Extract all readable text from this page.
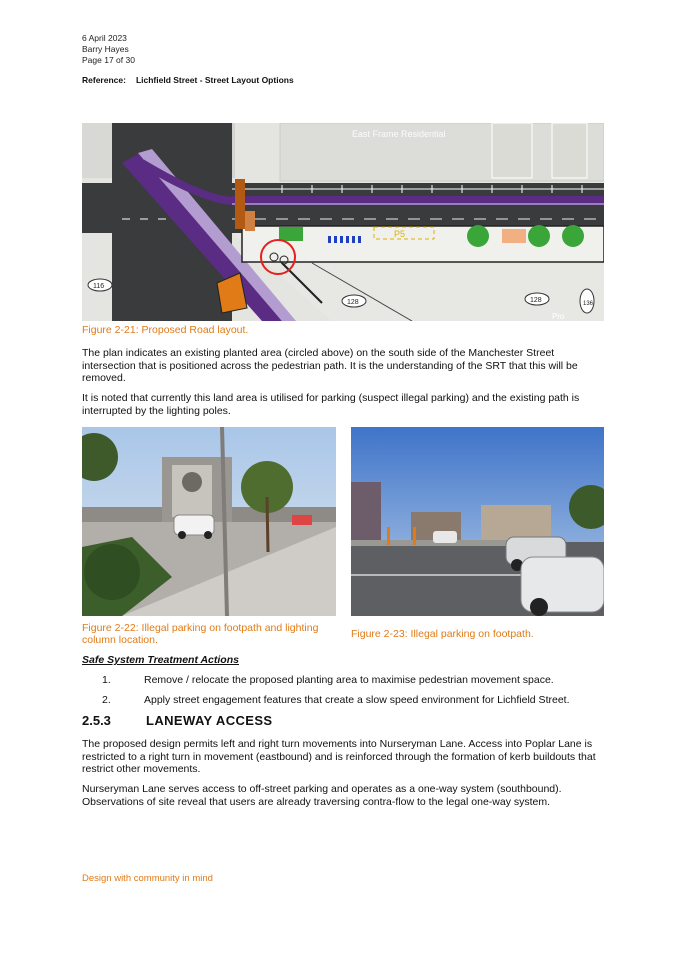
6 April 2023
Barry Hayes
Page 17 of 30
Reference: Lichfield Street - Street Layout Options
P5
116
128	128	136
East Frame Residential
Pro
Figure 2-21: Proposed Road layout.
The plan indicates an existing planted area (circled above) on the south side of the Manchester Street intersection that is positioned across the pedestrian path. It is the understanding of the SRT that this will be removed.
It is noted that currently this land area is utilised for parking (suspect illegal parking) and the existing path is interrupted by the lighting poles.
Figure 2-22: Illegal parking on footpath and lighting column location.	Figure 2-23: Illegal parking on footpath.
Safe System Treatment Actions
1.	Remove / relocate the proposed planting area to maximise pedestrian movement space.
2.	Apply street engagement features that create a slow speed environment for Lichfield Street.
2.5.3	LANEWAY ACCESS
The proposed design permits left and right turn movements into Nurseryman Lane. Access into Poplar Lane is restricted to a right turn in movement (eastbound) and is reinforced through the formation of kerb buildouts that restrict other movements.
Nurseryman Lane serves access to off-street parking and operates as a one-way system (southbound). Observations of site reveal that users are already traversing contra-flow to the legal one-way system.
Design with community in mind
